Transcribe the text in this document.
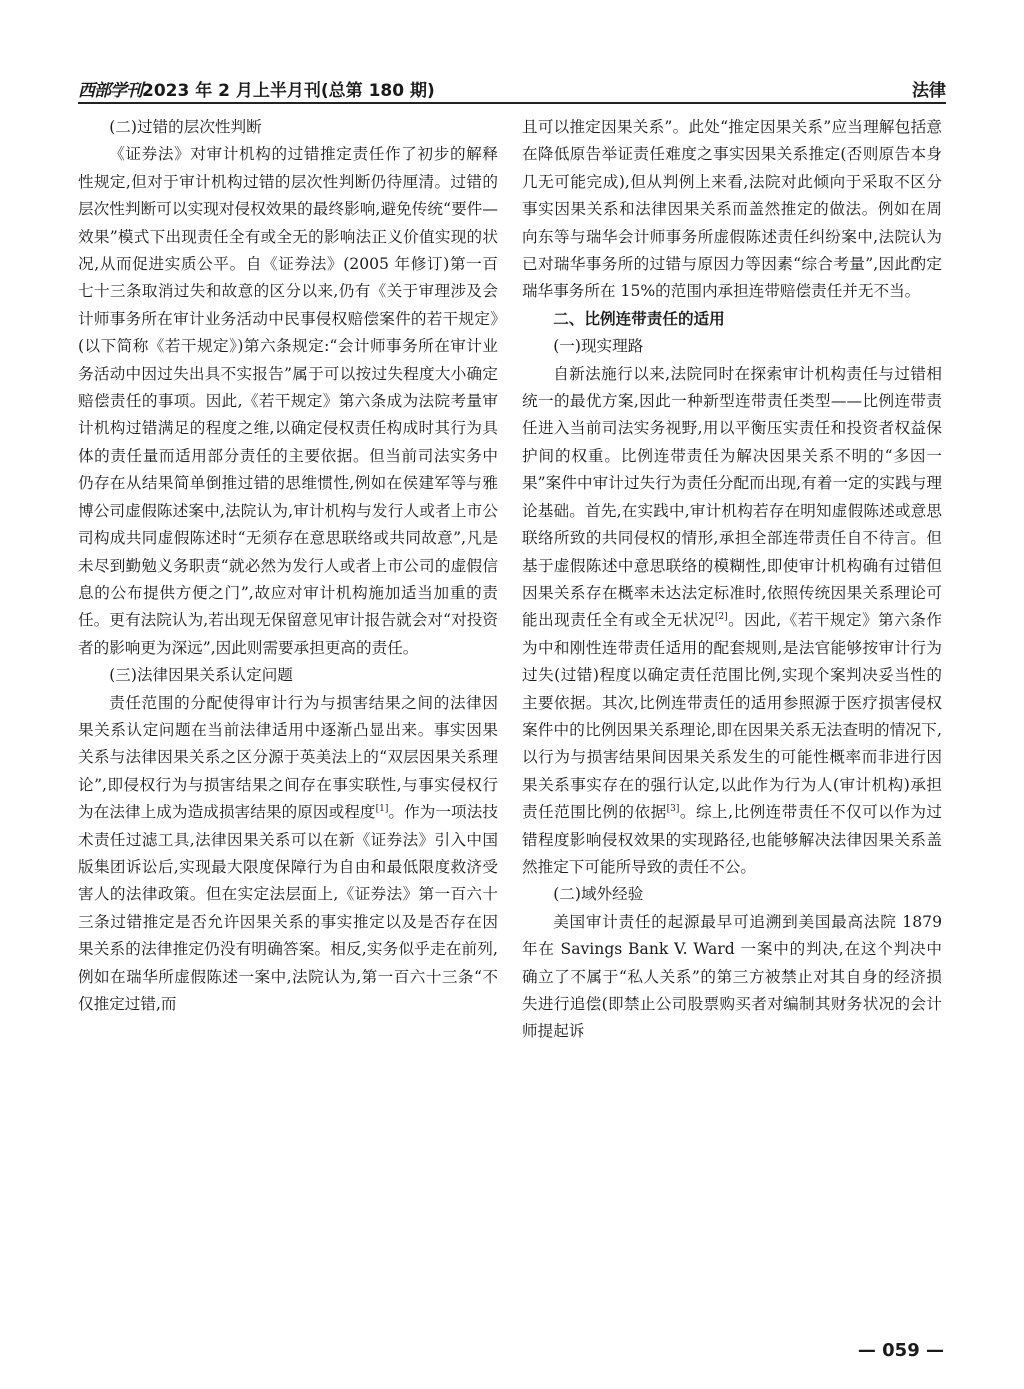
西部学刊2023 年 2 月上半月刊(总第 180 期)	法律
(二)过错的层次性判断

《证券法》对审计机构的过错推定责任作了初步的解释性规定,但对于审计机构过错的层次性判断仍待厘清。过错的层次性判断可以实现对侵权效果的最终影响,避免传统“要件—效果”模式下出现责任全有或全无的影响法正义价值实现的状况,从而促进实质公平。自《证券法》(2005 年修订)第一百七十三条取消过失和故意的区分以来,仍有《关于审理涉及会计师事务所在审计业务活动中民事侵权赔偿案件的若干规定》(以下简称《若干规定》)第六条规定:“会计师事务所在审计业务活动中因过失出具不实报告”属于可以按过失程度大小确定赔偿责任的事项。因此,《若干规定》第六条成为法院考量审计机构过错满足的程度之维,以确定侵权责任构成时其行为具体的责任量而适用部分责任的主要依据。但当前司法实务中仍存在从结果简单倒推过错的思维惯性,例如在侯建军等与雅博公司虚假陈述案中,法院认为,审计机构与发行人或者上市公司构成共同虚假陈述时“无须存在意思联络或共同故意”,凡是未尽到勤勉义务职责“就必然为发行人或者上市公司的虚假信息的公布提供方便之门”,故应对审计机构施加适当加重的责任。更有法院认为,若出现无保留意见审计报告就会对“对投资者的影响更为深远”,因此则需要承担更高的责任。

(三)法律因果关系认定问题

责任范围的分配使得审计行为与损害结果之间的法律因果关系认定问题在当前法律适用中逐渐凸显出来。事实因果关系与法律因果关系之区分源于英美法上的“双层因果关系理论”,即侵权行为与损害结果之间存在事实联性,与事实侵权行为在法律上成为造成损害结果的原因或程度[1]。作为一项法技术责任过滤工具,法律因果关系可以在新《证券法》引入中国版集团诉讼后,实现最大限度保障行为自由和最低限度救济受害人的法律政策。但在实定法层面上,《证券法》第一百六十三条过错推定是否允许因果关系的事实推定以及是否存在因果关系的法律推定仍没有明确答案。相反,实务似乎走在前列,例如在瑞华所虚假陈述一案中,法院认为,第一百六十三条“不仅推定过错,而

且可以推定因果关系”。此处“推定因果关系”应当理解包括意在降低原告举证责任难度之事实因果关系推定(否则原告本身几无可能完成),但从判例上来看,法院对此倾向于采取不区分事实因果关系和法律因果关系而盖然推定的做法。例如在周向东等与瑞华会计师事务所虚假陈述责任纠纷案中,法院认为已对瑞华事务所的过错与原因力等因素“综合考量”,因此酌定瑞华事务所在 15%的范围内承担连带赔偿责任并无不当。

二、比例连带责任的适用
(一)现实理路

自新法施行以来,法院同时在探索审计机构责任与过错相统一的最优方案,因此一种新型连带责任类型——比例连带责任进入当前司法实务视野,用以平衡压实责任和投资者权益保护间的权重。比例连带责任为解决因果关系不明的“多因一果”案件中审计过失行为责任分配而出现,有着一定的实践与理论基础。首先,在实践中,审计机构若存在明知虚假陈述或意思联络所致的共同侵权的情形,承担全部连带责任自不待言。但基于虚假陈述中意思联络的模糊性,即使审计机构确有过错但因果关系存在概率未达法定标准时,依照传统因果关系理论可能出现责任全有或全无状况[2]。因此,《若干规定》第六条作为中和刚性连带责任适用的配套规则,是法官能够按审计行为过失(过错)程度以确定责任范围比例,实现个案判决妥当性的主要依据。其次,比例连带责任的适用参照源于医疗损害侵权案件中的比例因果关系理论,即在因果关系无法查明的情况下,以行为与损害结果间因果关系发生的可能性概率而非进行因果关系事实存在的强行认定,以此作为行为人(审计机构)承担责任范围比例的依据[3]。综上,比例连带责任不仅可以作为过错程度影响侵权效果的实现路径,也能够解决法律因果关系盖然推定下可能所导致的责任不公。

(二)域外经验

美国审计责任的起源最早可追溯到美国最高法院 1879 年在 Savings Bank V. Ward 一案中的判决,在这个判决中确立了不属于“私人关系”的第三方被禁止对其自身的经济损失进行追偿(即禁止公司股票购买者对编制其财务状况的会计师提起诉

— 059 —
